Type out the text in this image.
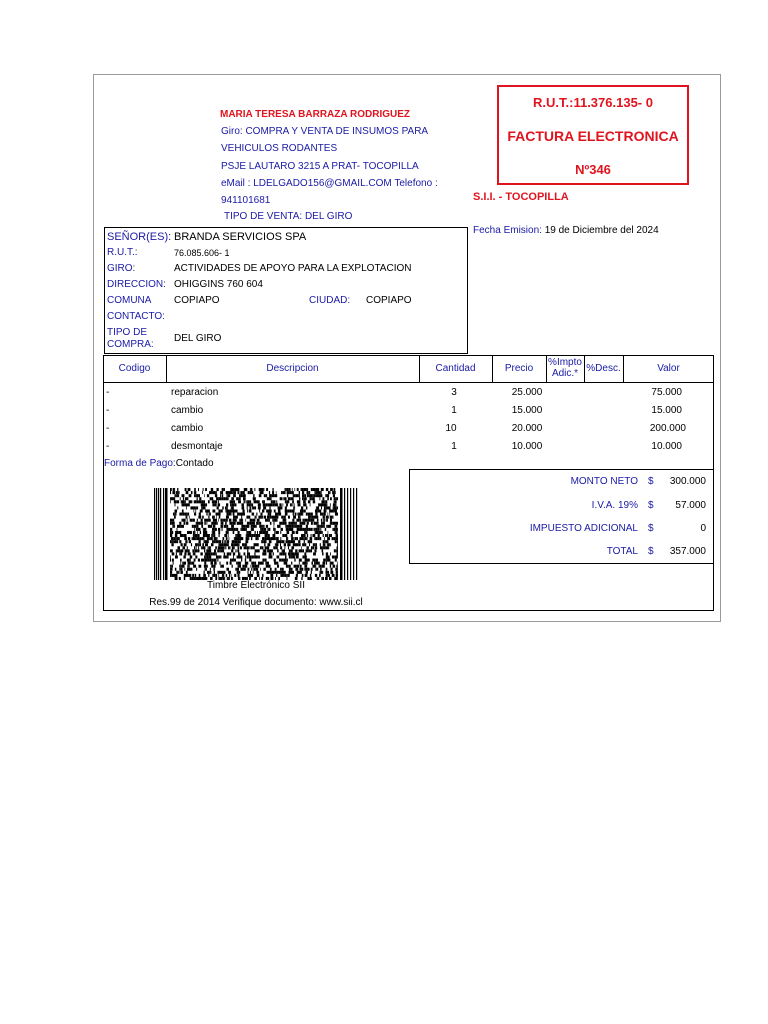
MARIA TERESA BARRAZA RODRIGUEZ
Giro: COMPRA Y VENTA DE INSUMOS PARA
VEHICULOS RODANTES
PSJE LAUTARO 3215 A PRAT- TOCOPILLA
eMail : LDELGADO156@GMAIL.COM Telefono :
941101681
TIPO DE VENTA: DEL GIRO
R.U.T.:11.376.135- 0
FACTURA ELECTRONICA
Nº346
S.I.I. - TOCOPILLA
Fecha Emision: 19 de Diciembre del 2024
SEÑOR(ES): BRANDA SERVICIOS SPA
R.U.T.:	76.085.606- 1
GIRO:	ACTIVIDADES DE APOYO PARA LA EXPLOTACION
DIRECCION: OHIGGINS 760 604
COMUNA COPIAPO	CIUDAD: COPIAPO
CONTACTO:
TIPO DE
COMPRA:
DEL GIRO
Codigo	Descripcion	Cantidad	Precio
%Impto
Adic.* %Desc.	Valor
-	reparacion	3	25.000	75.000
-	cambio	1	15.000	15.000
-	cambio	10	20.000	200.000
-	desmontaje	1	10.000	10.000
Forma de Pago:Contado
MONTO NETO $	300.000
I.V.A. 19% $	57.000
IMPUESTO ADICIONAL $	0
TOTAL $	357.000
Timbre Electrónico SII
Res.99 de 2014 Verifique documento: www.sii.cl
